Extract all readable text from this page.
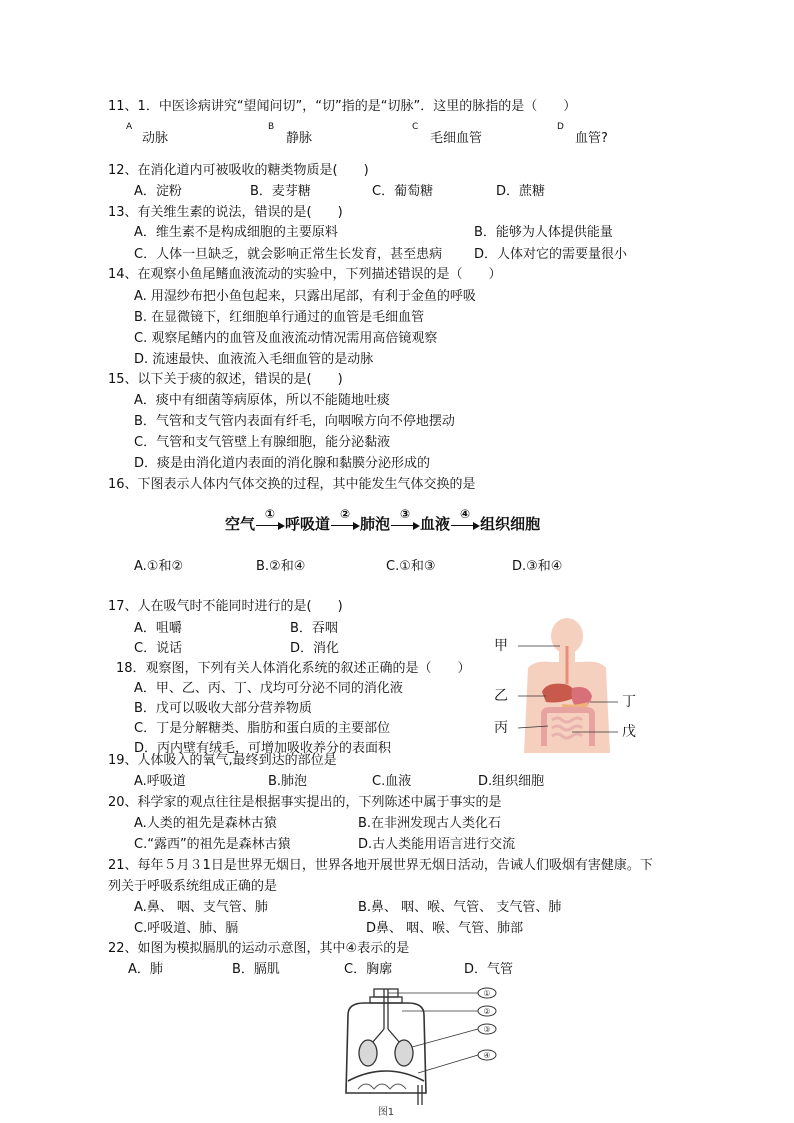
11、1．中医诊病讲究“望闻问切”，“切”指的是“切脉”．这里的脉指的是（　　）
A
动脉
B
静脉
C
毛细血管
D
血管?
12、在消化道内可被吸收的糖类物质是(　　)
A．淀粉	B．麦芽糖	C．葡萄糖	D．蔗糖
13、有关维生素的说法，错误的是(　　)
A．维生素不是构成细胞的主要原料	B．能够为人体提供能量
C．人体一旦缺乏，就会影响正常生长发育，甚至患病 D．人体对它的需要量很小
14、在观察小鱼尾鳍血液流动的实验中，下列描述错误的是（　　）
A. 用湿纱布把小鱼包起来，只露出尾部，有利于金鱼的呼吸
B. 在显微镜下，红细胞单行通过的血管是毛细血管
C. 观察尾鳍内的血管及血液流动情况需用高倍镜观察
D. 流速最快、血液流入毛细血管的是动脉
15、以下关于痰的叙述，错误的是(　　)
A．痰中有细菌等病原体，所以不能随地吐痰
B．气管和支气管内表面有纤毛，向咽喉方向不停地摆动
C．气管和支气管壁上有腺细胞，能分泌黏液
D．痰是由消化道内表面的消化腺和黏膜分泌形成的
16、下图表示人体内气体交换的过程，其中能发生气体交换的是
空气
①
呼吸道
②
肺泡
③
血液
④
组织细胞
A.①和②	B.②和④	C.①和③	D.③和④
17、人在吸气时不能同时进行的是(　　)
A．咀嚼	B．吞咽
C．说话	D．消化
18．观察图，下列有关人体消化系统的叙述正确的是（　　）
A．甲、乙、丙、丁、戊均可分泌不同的消化液
B．戊可以吸收大部分营养物质
C．丁是分解糖类、脂肪和蛋白质的主要部位
D．丙内壁有绒毛，可增加吸收养分的表面积
甲
乙
丙
丁
戊
19、人体吸入的氧气,最终到达的部位是
A.呼吸道	B.肺泡	C.血液	D.组织细胞
20、科学家的观点往往是根据事实提出的，下列陈述中属于事实的是
A.人类的祖先是森林古猿	B.在非洲发现古人类化石
C.“露西”的祖先是森林古猿	D.古人类能用语言进行交流
21、每年５月３1日是世界无烟日，世界各地开展世界无烟日活动，告诫人们吸烟有害健康。下
列关于呼吸系统组成正确的是
A.鼻、 咽、支气管、肺	B.鼻、 咽、喉、气管、 支气管、肺
C.呼吸道、肺、膈	D鼻、 咽、喉、气管、肺部
22、如图为模拟膈肌的运动示意图，其中④表示的是
A．肺	B．膈肌	C．胸廓	D．气管
①
②
③
④
图1
